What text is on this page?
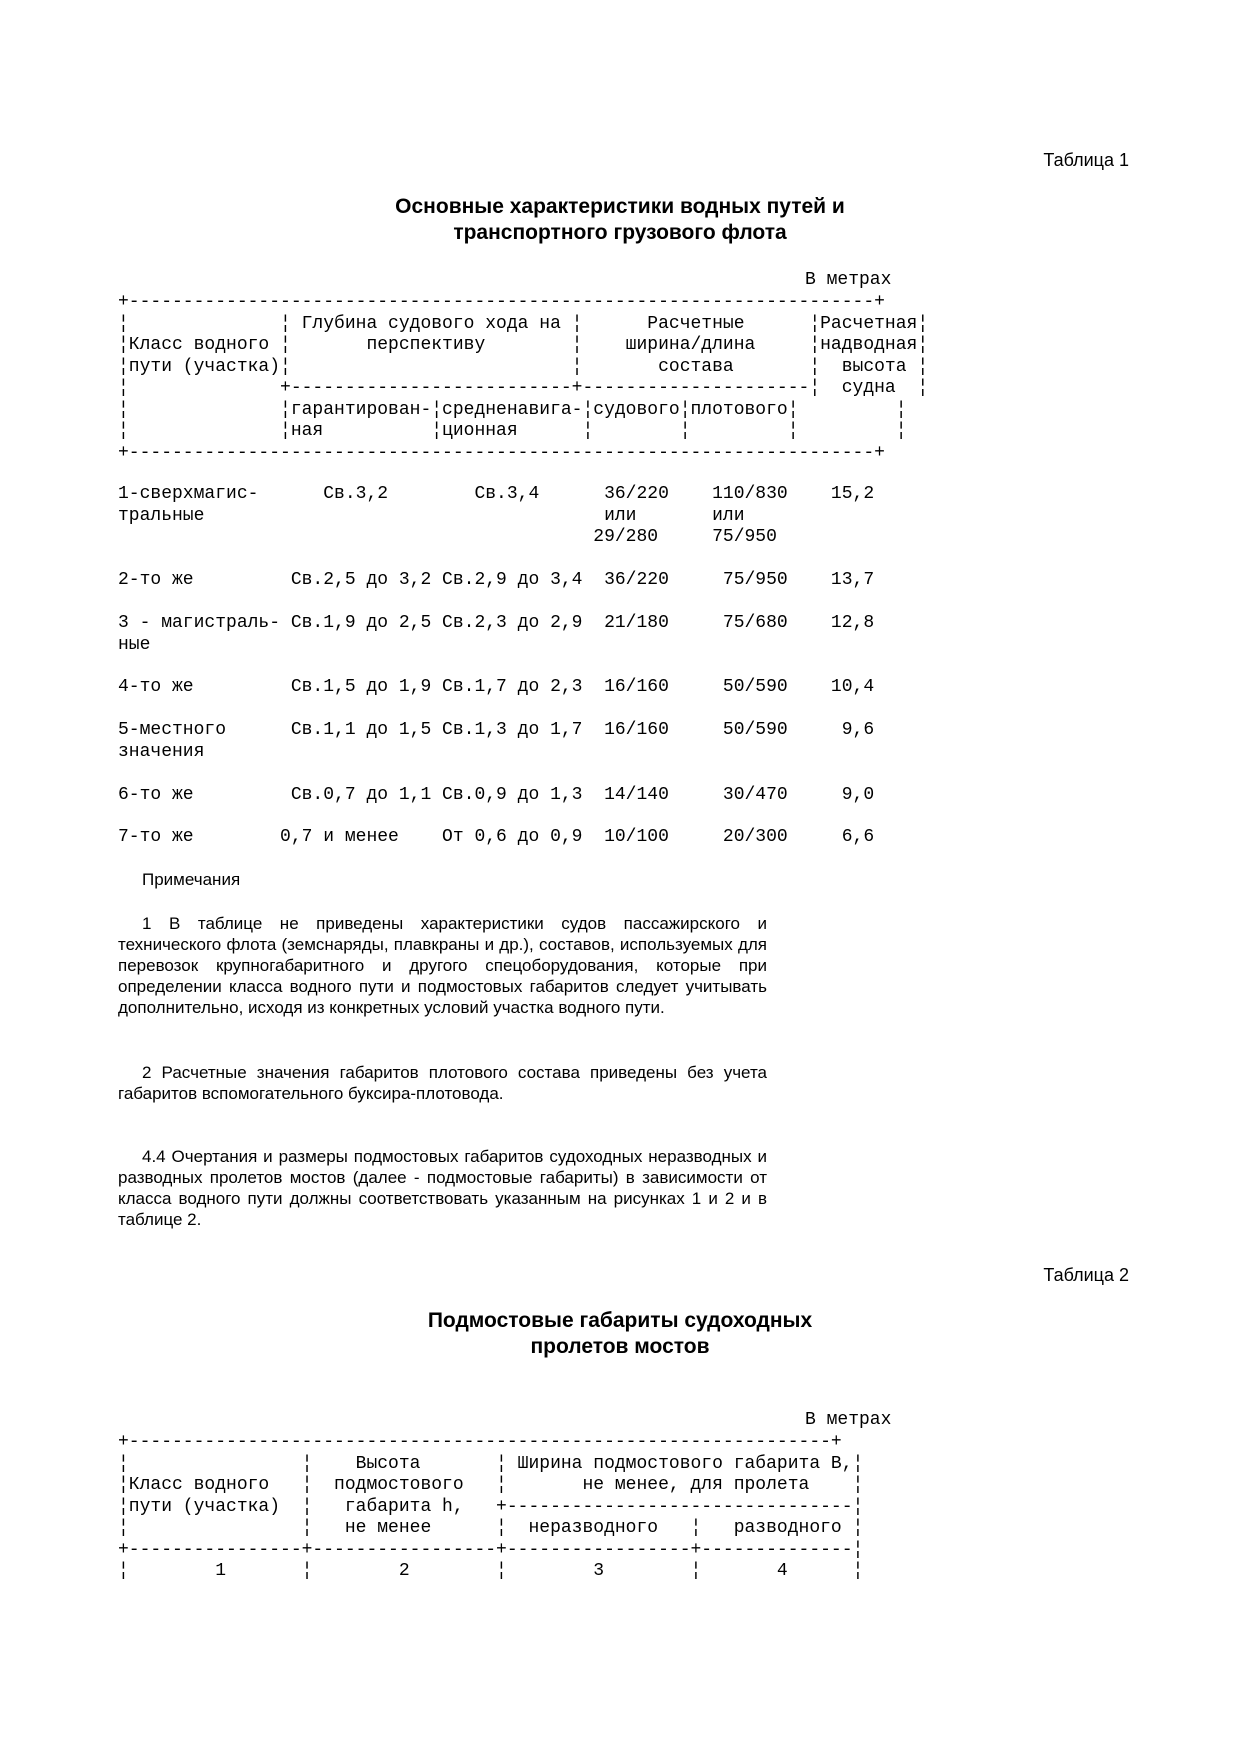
Таблица 1
Основные характеристики водных путей и
транспортного грузового флота
В метрах
+---------------------------------------------------------------------+
¦              ¦ Глубина судового хода на ¦      Расчетные      ¦Расчетная¦
¦Класс водного ¦       перспективу        ¦    ширина/длина     ¦надводная¦
¦пути (участка)¦                          ¦       состава       ¦  высота ¦
¦              +--------------------------+---------------------¦  судна  ¦
¦              ¦гарантирован-¦средненавига-¦судового¦плотового¦         ¦
¦              ¦ная          ¦ционная      ¦        ¦         ¦         ¦
+---------------------------------------------------------------------+
1-сверхмагис-      Св.3,2        Св.3,4      36/220    110/830    15,2
тральные                                     или       или
29/280     75/950
2-то же         Св.2,5 до 3,2 Св.2,9 до 3,4  36/220     75/950    13,7
3 - магистраль- Св.1,9 до 2,5 Св.2,3 до 2,9  21/180     75/680    12,8
ные
4-то же         Св.1,5 до 1,9 Св.1,7 до 2,3  16/160     50/590    10,4
5-местного      Св.1,1 до 1,5 Св.1,3 до 1,7  16/160     50/590     9,6
значения
6-то же         Св.0,7 до 1,1 Св.0,9 до 1,3  14/140     30/470     9,0
7-то же        0,7 и менее    От 0,6 до 0,9  10/100     20/300     6,6

Примечания

1 В таблице не приведены характеристики судов пассажирского и технического флота (земснаряды, плавкраны и др.), составов, используемых для перевозок крупногабаритного и другого спецоборудования, которые при определении класса водного пути и подмостовых габаритов следует учитывать дополнительно, исходя из конкретных условий участка водного пути.

2 Расчетные значения габаритов плотового состава приведены без учета габаритов вспомогательного буксира-плотовода.

4.4 Очертания и размеры подмостовых габаритов судоходных неразводных и разводных пролетов мостов (далее - подмостовые габариты) в зависимости от класса водного пути должны соответствовать указанным на рисунках 1 и 2 и в таблице 2.

Таблица 2
Подмостовые габариты судоходных
пролетов мостов
В метрах
+-----------------------------------------------------------------+
¦                ¦    Высота       ¦ Ширина подмостового габарита B,¦
¦Класс водного   ¦  подмостового   ¦       не менее, для пролета    ¦
¦пути (участка)  ¦   габарита h,   +--------------------------------¦
¦                ¦   не менее      ¦  неразводного   ¦   разводного ¦
+----------------+-----------------+-----------------+--------------¦
¦        1       ¦        2        ¦        3        ¦       4      ¦
